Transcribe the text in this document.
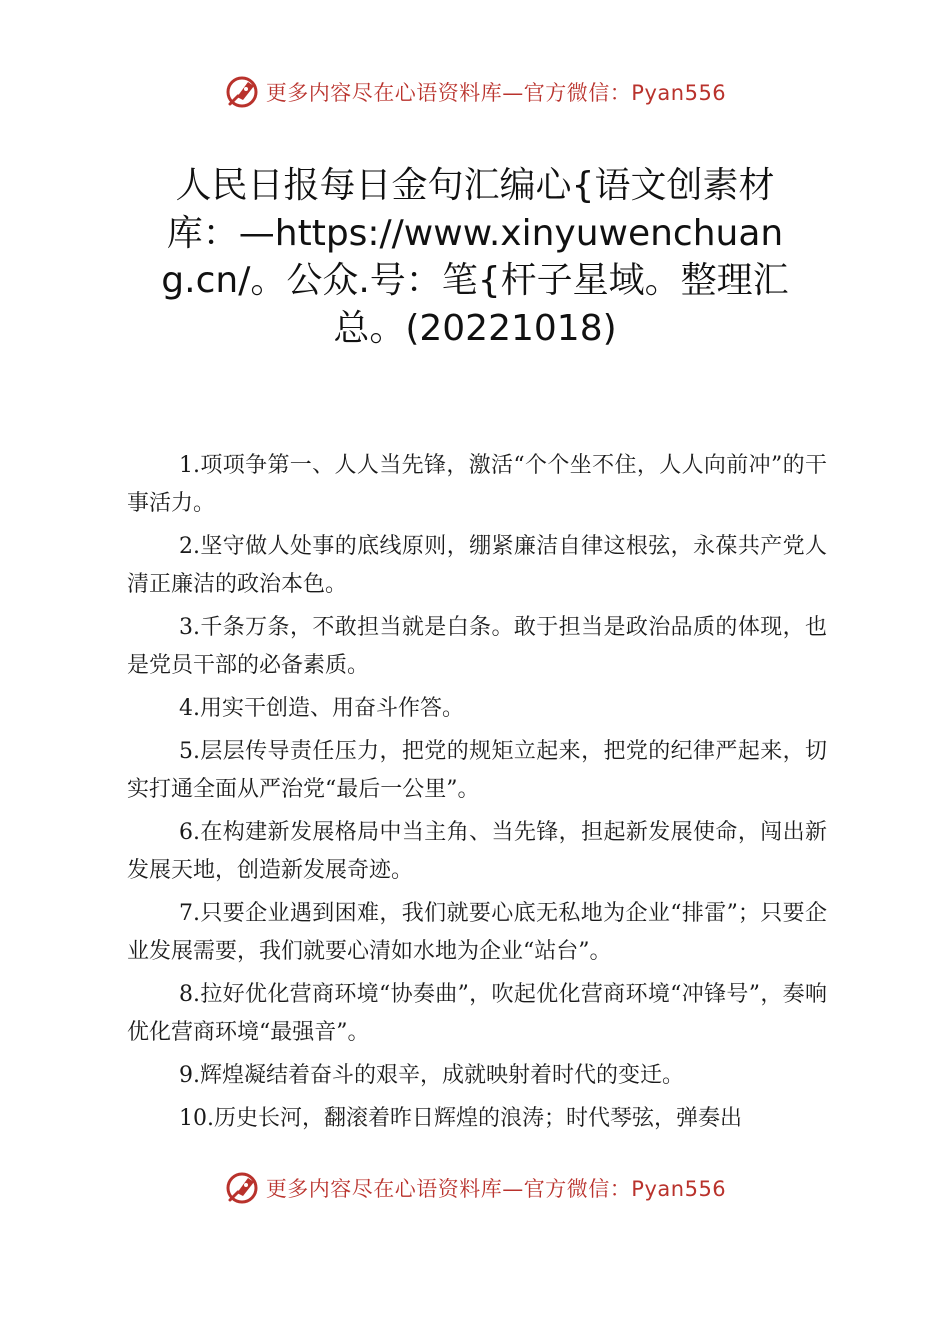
更多内容尽在心语资料库—官方微信：Pyan556
人民日报每日金句汇编心{语文创素材库：—https://www.xinyuwenchuang.cn/。公众.号：笔{杆子星域。整理汇总。(20221018)

1.项项争第一、人人当先锋，激活“个个坐不住，人人向前冲”的干事活力。

2.坚守做人处事的底线原则，绷紧廉洁自律这根弦，永葆共产党人清正廉洁的政治本色。

3.千条万条，不敢担当就是白条。敢于担当是政治品质的体现，也是党员干部的必备素质。

4.用实干创造、用奋斗作答。

5.层层传导责任压力，把党的规矩立起来，把党的纪律严起来，切实打通全面从严治党“最后一公里”。

6.在构建新发展格局中当主角、当先锋，担起新发展使命，闯出新发展天地，创造新发展奇迹。

7.只要企业遇到困难，我们就要心底无私地为企业“排雷”；只要企业发展需要，我们就要心清如水地为企业“站台”。

8.拉好优化营商环境“协奏曲”，吹起优化营商环境“冲锋号”，奏响优化营商环境“最强音”。

9.辉煌凝结着奋斗的艰辛，成就映射着时代的变迁。

10.历史长河，翻滚着昨日辉煌的浪涛；时代琴弦，弹奏出

更多内容尽在心语资料库—官方微信：Pyan556
